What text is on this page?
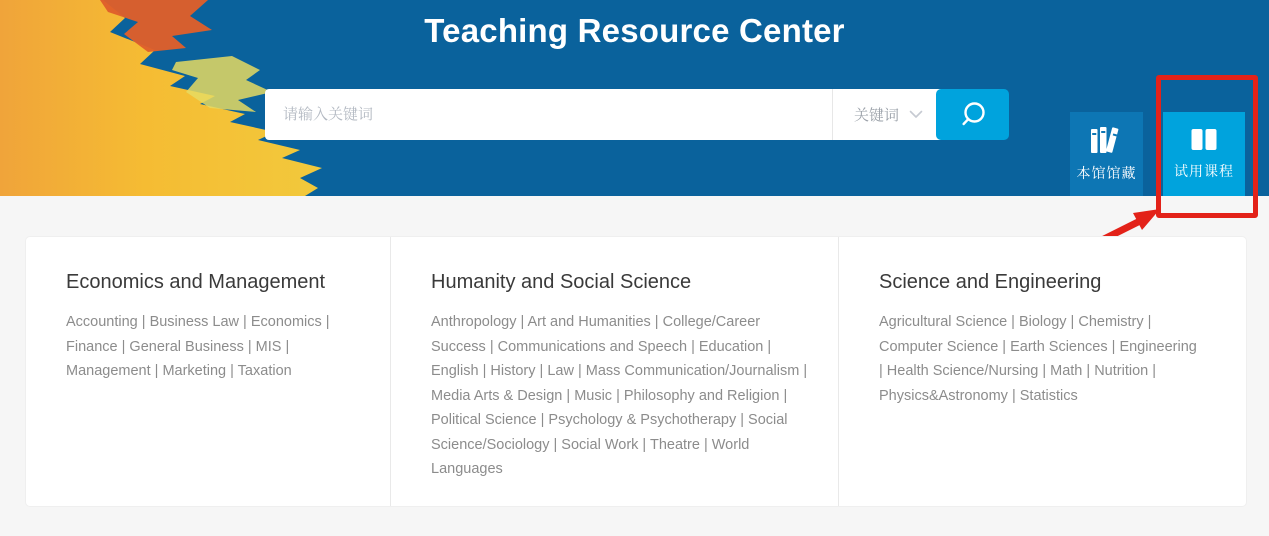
Teaching Resource Center
请输入关键词
关键词
本馆馆藏	试用课程
Economics and Management

Accounting | Business Law | Economics | Finance | General Business | MIS | Management | Marketing | Taxation

Humanity and Social Science

Anthropology | Art and Humanities | College/Career Success | Communications and Speech | Education | English | History | Law | Mass Communication/Journalism | Media Arts & Design | Music | Philosophy and Religion | Political Science | Psychology & Psychotherapy | Social Science/Sociology | Social Work | Theatre | World Languages

Science and Engineering

Agricultural Science | Biology | Chemistry | Computer Science | Earth Sciences | Engineering | Health Science/Nursing | Math | Nutrition | Physics&Astronomy | Statistics
